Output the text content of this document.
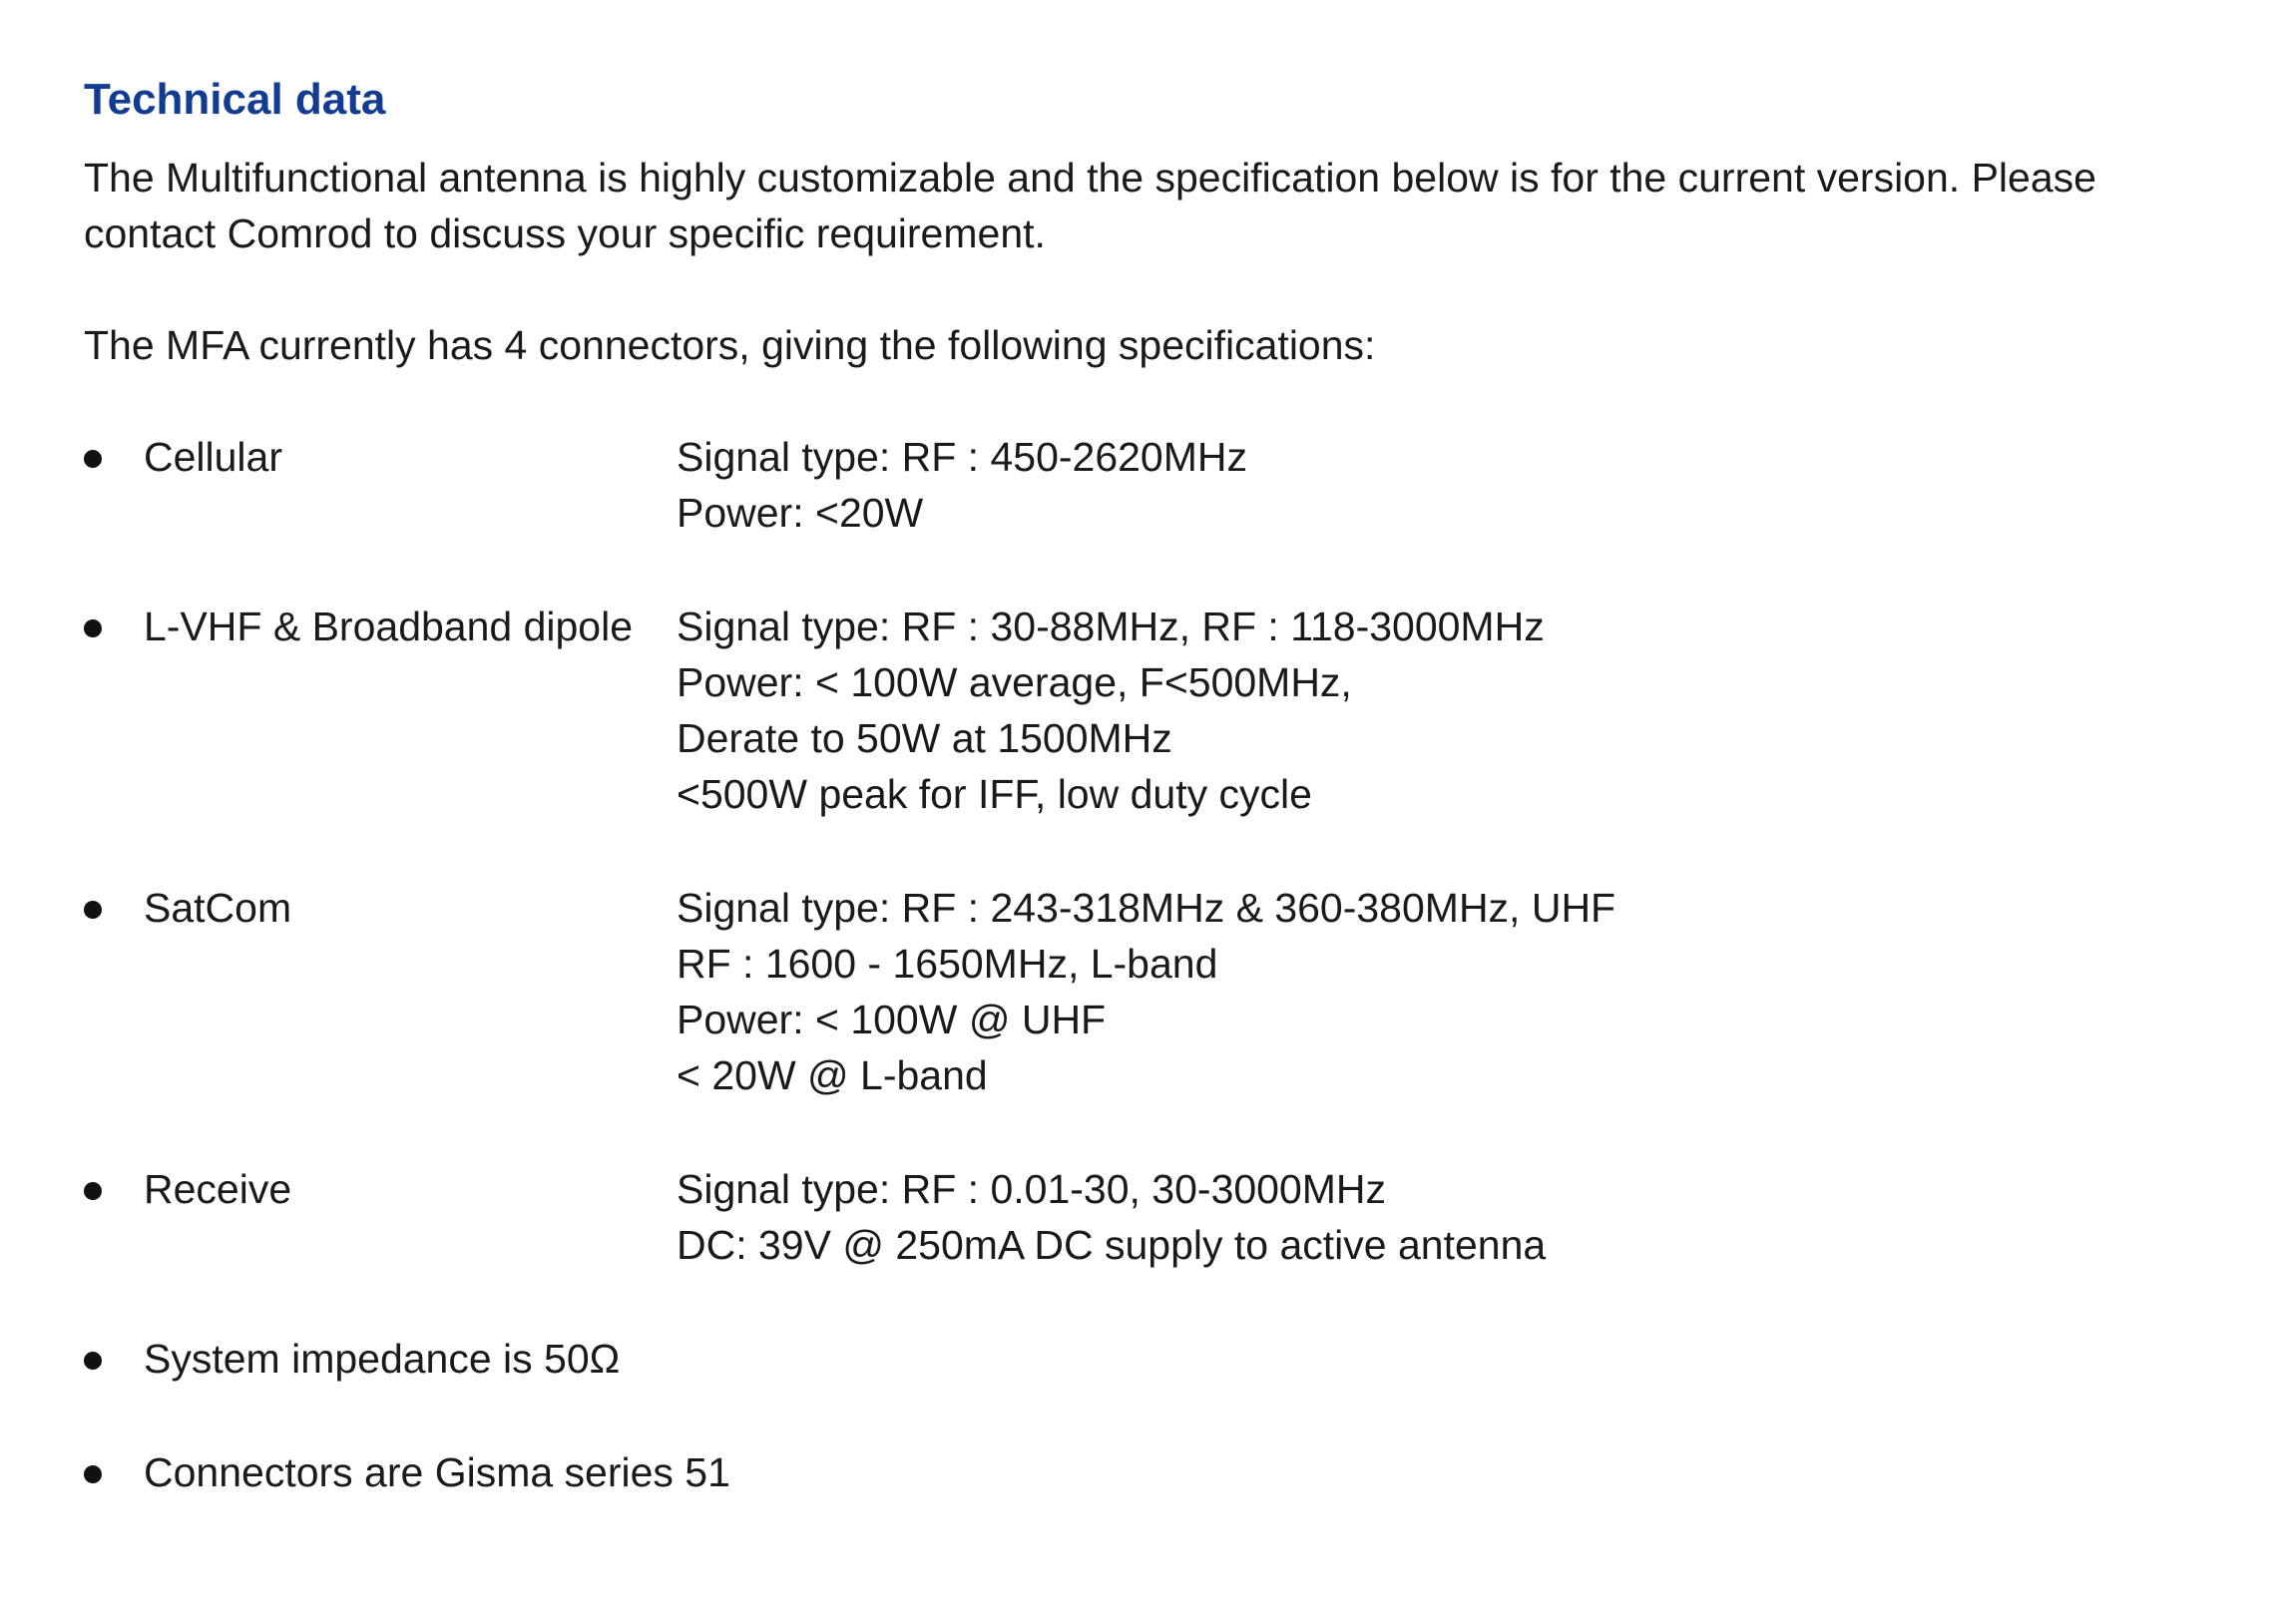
Technical data
The Multifunctional antenna is highly customizable and the specification below is for the current version. Please
contact Comrod to discuss your specific requirement.
The MFA currently has 4 connectors, giving the following specifications:
Cellular	Signal type: RF : 450-2620MHz
Power: <20W
L-VHF & Broadband dipole Signal type: RF : 30-88MHz, RF : 118-3000MHz
Power: < 100W average, F<500MHz,
Derate to 50W at 1500MHz
<500W peak for IFF, low duty cycle
SatCom	Signal type: RF : 243-318MHz & 360-380MHz, UHF
RF : 1600 - 1650MHz, L-band
Power: < 100W @ UHF
< 20W @ L-band
Receive	Signal type: RF : 0.01-30, 30-3000MHz
DC: 39V @ 250mA DC supply to active antenna
System impedance is 50Ω
Connectors are Gisma series 51
